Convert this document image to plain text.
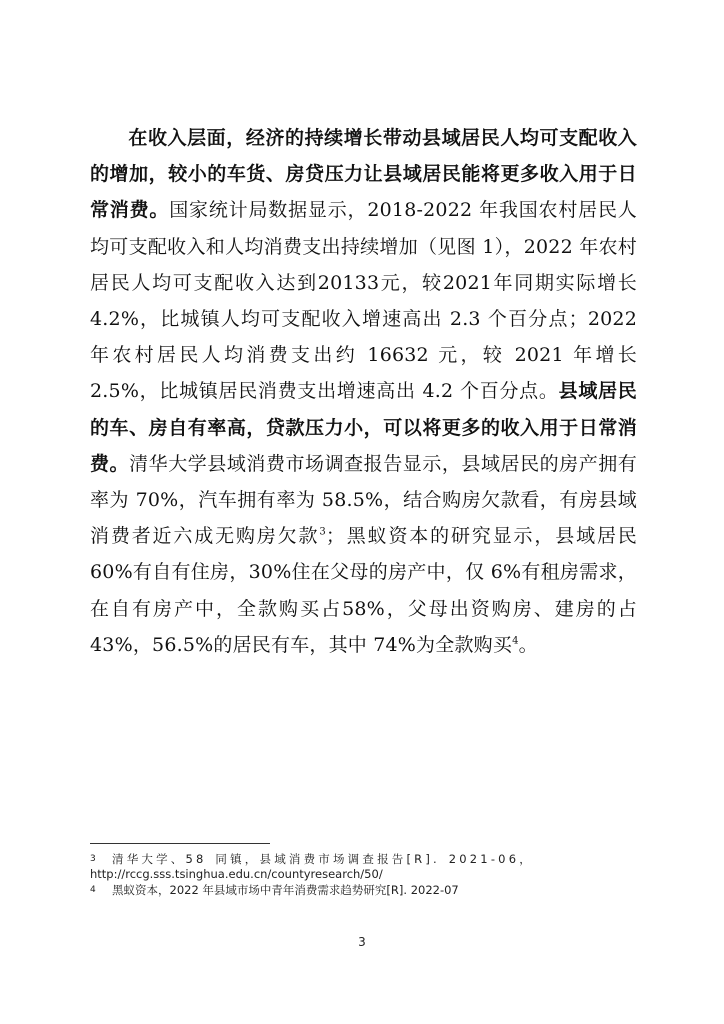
在收入层面，经济的持续增长带动县域居民人均可支配收入的增加，较小的车货、房贷压力让县域居民能将更多收入用于日常消费。国家统计局数据显示，2018-2022 年我国农村居民人均可支配收入和人均消费支出持续增加（见图 1），2022 年农村居民人均可支配收入达到20133元，较2021年同期实际增长4.2%，比城镇人均可支配收入增速高出 2.3 个百分点；2022 年农村居民人均消费支出约 16632 元，较 2021 年增长 2.5%，比城镇居民消费支出增速高出 4.2 个百分点。县域居民的车、房自有率高，贷款压力小，可以将更多的收入用于日常消费。清华大学县域消费市场调查报告显示，县域居民的房产拥有率为 70%，汽车拥有率为 58.5%，结合购房欠款看，有房县域消费者近六成无购房欠款$^3$；黑蚁资本的研究显示，县域居民 60%有自有住房，30%住在父母的房产中，仅 6%有租房需求，在自有房产中，全款购买占58%，父母出资购房、建房的占 43%，56.5%的居民有车，其中 74%为全款购买$^4$。

3 清华大学、58 同镇，县域消费市场调查报告[R]. 2021-06，
http://rccg.sss.tsinghua.edu.cn/countyresearch/50/

4 黑蚁资本，2022 年县域市场中青年消费需求趋势研究[R]. 2022-07

3
